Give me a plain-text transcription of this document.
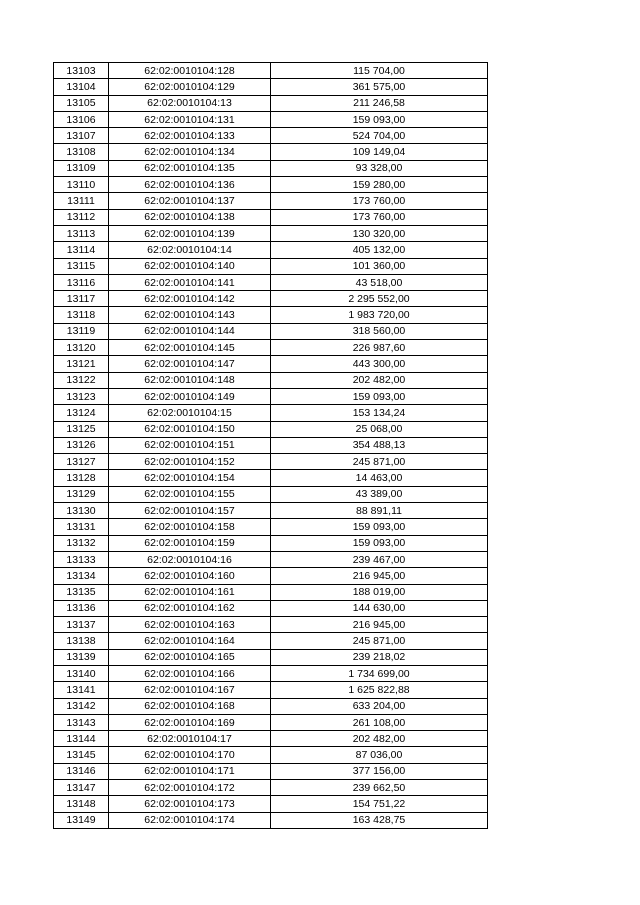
13103	62:02:0010104:128	115 704,00
13104	62:02:0010104:129	361 575,00
13105	62:02:0010104:13	211 246,58
13106	62:02:0010104:131	159 093,00
13107	62:02:0010104:133	524 704,00
13108	62:02:0010104:134	109 149,04
13109	62:02:0010104:135	93 328,00
13110	62:02:0010104:136	159 280,00
13111	62:02:0010104:137	173 760,00
13112	62:02:0010104:138	173 760,00
13113	62:02:0010104:139	130 320,00
13114	62:02:0010104:14	405 132,00
13115	62:02:0010104:140	101 360,00
13116	62:02:0010104:141	43 518,00
13117	62:02:0010104:142	2 295 552,00
13118	62:02:0010104:143	1 983 720,00
13119	62:02:0010104:144	318 560,00
13120	62:02:0010104:145	226 987,60
13121	62:02:0010104:147	443 300,00
13122	62:02:0010104:148	202 482,00
13123	62:02:0010104:149	159 093,00
13124	62:02:0010104:15	153 134,24
13125	62:02:0010104:150	25 068,00
13126	62:02:0010104:151	354 488,13
13127	62:02:0010104:152	245 871,00
13128	62:02:0010104:154	14 463,00
13129	62:02:0010104:155	43 389,00
13130	62:02:0010104:157	88 891,11
13131	62:02:0010104:158	159 093,00
13132	62:02:0010104:159	159 093,00
13133	62:02:0010104:16	239 467,00
13134	62:02:0010104:160	216 945,00
13135	62:02:0010104:161	188 019,00
13136	62:02:0010104:162	144 630,00
13137	62:02:0010104:163	216 945,00
13138	62:02:0010104:164	245 871,00
13139	62:02:0010104:165	239 218,02
13140	62:02:0010104:166	1 734 699,00
13141	62:02:0010104:167	1 625 822,88
13142	62:02:0010104:168	633 204,00
13143	62:02:0010104:169	261 108,00
13144	62:02:0010104:17	202 482,00
13145	62:02:0010104:170	87 036,00
13146	62:02:0010104:171	377 156,00
13147	62:02:0010104:172	239 662,50
13148	62:02:0010104:173	154 751,22
13149	62:02:0010104:174	163 428,75
